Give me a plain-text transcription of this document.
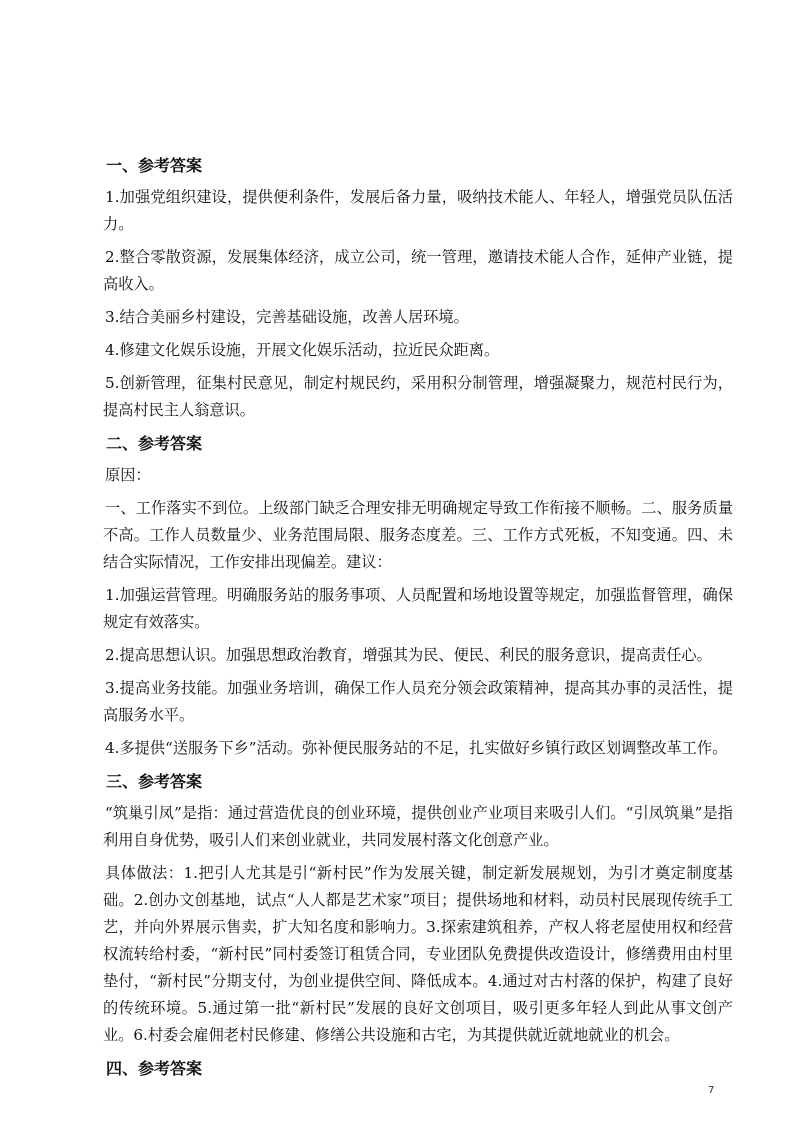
一、参考答案
1.加强党组织建设，提供便利条件，发展后备力量，吸纳技术能人、年轻人，增强党员队伍活力。
2.整合零散资源，发展集体经济，成立公司，统一管理，邀请技术能人合作，延伸产业链，提高收入。
3.结合美丽乡村建设，完善基础设施，改善人居环境。
4.修建文化娱乐设施，开展文化娱乐活动，拉近民众距离。
5.创新管理，征集村民意见，制定村规民约，采用积分制管理，增强凝聚力，规范村民行为，提高村民主人翁意识。
二、参考答案
原因：
一、工作落实不到位。上级部门缺乏合理安排无明确规定导致工作衔接不顺畅。二、服务质量不高。工作人员数量少、业务范围局限、服务态度差。三、工作方式死板，不知变通。四、未结合实际情况，工作安排出现偏差。建议：
1.加强运营管理。明确服务站的服务事项、人员配置和场地设置等规定，加强监督管理，确保规定有效落实。
2.提高思想认识。加强思想政治教育，增强其为民、便民、利民的服务意识，提高责任心。
3.提高业务技能。加强业务培训，确保工作人员充分领会政策精神，提高其办事的灵活性，提高服务水平。
4.多提供“送服务下乡”活动。弥补便民服务站的不足，扎实做好乡镇行政区划调整改革工作。
三、参考答案
“筑巢引凤”是指：通过营造优良的创业环境，提供创业产业项目来吸引人们。“引凤筑巢”是指利用自身优势，吸引人们来创业就业，共同发展村落文化创意产业。
具体做法：1.把引人尤其是引“新村民”作为发展关键，制定新发展规划，为引才奠定制度基础。2.创办文创基地，试点“人人都是艺术家”项目；提供场地和材料，动员村民展现传统手工艺，并向外界展示售卖，扩大知名度和影响力。3.探索建筑租养，产权人将老屋使用权和经营权流转给村委，“新村民”同村委签订租赁合同，专业团队免费提供改造设计，修缮费用由村里垫付，“新村民”分期支付，为创业提供空间、降低成本。4.通过对古村落的保护，构建了良好的传统环境。5.通过第一批“新村民”发展的良好文创项目，吸引更多年轻人到此从事文创产业。6.村委会雇佣老村民修建、修缮公共设施和古宅，为其提供就近就地就业的机会。
四、参考答案
7
